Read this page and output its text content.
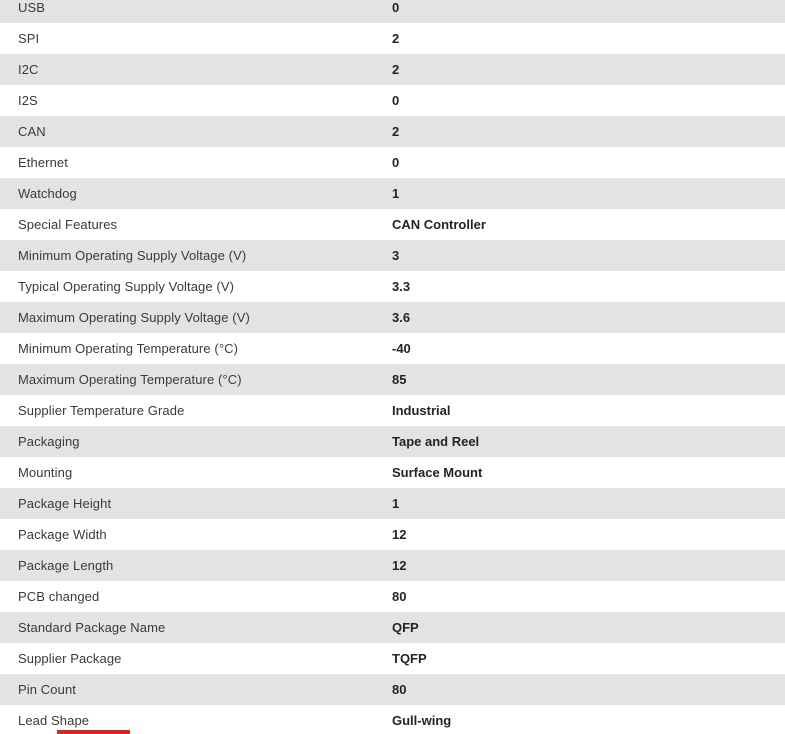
USB	0
SPI	2
I2C	2
I2S	0
CAN	2
Ethernet	0
Watchdog	1
Special Features	CAN Controller
Minimum Operating Supply Voltage (V)	3
Typical Operating Supply Voltage (V)	3.3
Maximum Operating Supply Voltage (V)	3.6
Minimum Operating Temperature (°C)	-40
Maximum Operating Temperature (°C)	85
Supplier Temperature Grade	Industrial
Packaging	Tape and Reel
Mounting	Surface Mount
Package Height	1
Package Width	12
Package Length	12
PCB changed	80
Standard Package Name	QFP
Supplier Package	TQFP
Pin Count	80
Lead Shape	Gull-wing
